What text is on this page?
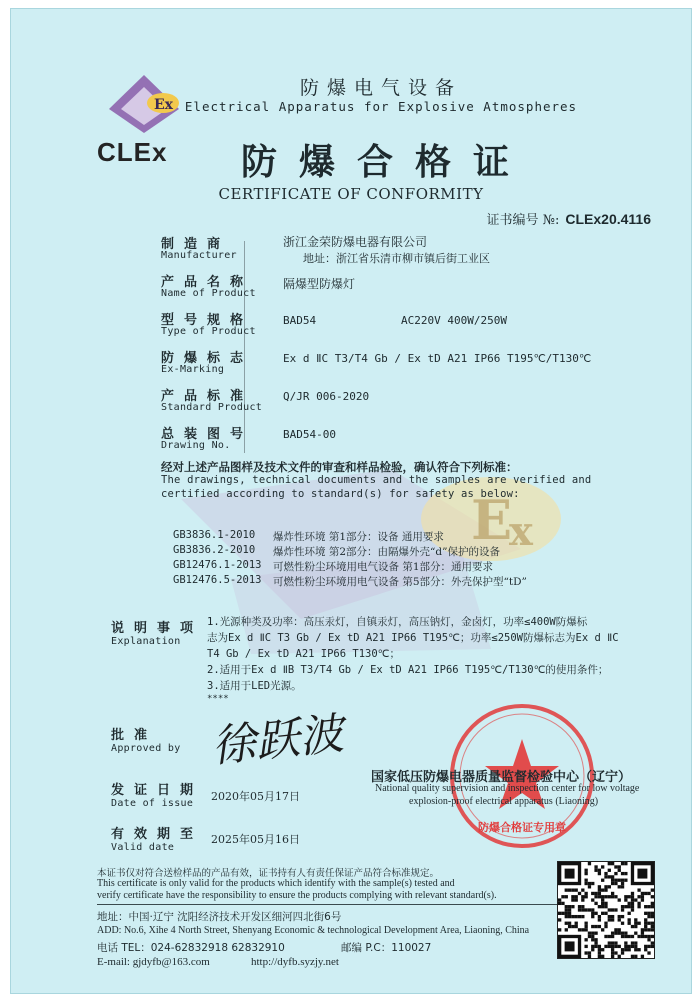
E
x
Ex
CLEx
防爆电气设备
Electrical Apparatus for Explosive Atmospheres
防爆合格证
CERTIFICATE OF CONFORMITY
证书编号 №: CLEx20.4116
制造商
Manufacturer
浙江金荣防爆电器有限公司
地址：浙江省乐清市柳市镇后街工业区
产品名称
Name of Product
隔爆型防爆灯
型号规格
Type of Product
BAD54	AC220V 400W/250W
防爆标志
Ex-Marking
Ex d ⅡC T3/T4 Gb / Ex tD A21 IP66 T195℃/T130℃
产品标准
Standard Product
Q/JR 006-2020
总装图号
Drawing No.
BAD54-00
经对上述产品图样及技术文件的审查和样品检验，确认符合下列标准：
The drawings, technical documents and the samples are verified and
certified according to standard(s) for safety as below:
GB3836.1-2010 爆炸性环境 第1部分：设备 通用要求
GB3836.2-2010 爆炸性环境 第2部分：由隔爆外壳“d”保护的设备
GB12476.1-2013 可燃性粉尘环境用电气设备 第1部分：通用要求
GB12476.5-2013 可燃性粉尘环境用电气设备 第5部分：外壳保护型“tD”
说明事项
Explanation
1.光源种类及功率：高压汞灯，自镇汞灯，高压钠灯，金卤灯，功率≤400W防爆标
志为Ex d ⅡC T3 Gb / Ex tD A21 IP66 T195℃；功率≤250W防爆标志为Ex d ⅡC
T4 Gb / Ex tD A21 IP66 T130℃；
2.适用于Ex d ⅡB T3/T4 Gb / Ex tD A21 IP66 T195℃/T130℃的使用条件；
3.适用于LED光源。
****
批准
Approved by 徐跃波
防爆合格证专用章
国家低压防爆电器质量监督检验中心（辽宁）
National quality supervision and inspection center for low voltage
explosion-proof electrical apparatus (Liaoning)
发证日期
Date of issue
2020年05月17日
有效期至
Valid date
2025年05月16日
本证书仅对符合送检样品的产品有效，证书持有人有责任保证产品符合标准规定。
This certificate is only valid for the products which identify with the sample(s) tested and
verify certificate have the responsibility to ensure the products complying with relevant standard(s).
地址：中国·辽宁 沈阳经济技术开发区细河四北街6号
ADD: No.6, Xihe 4 North Street, Shenyang Economic & technological Development Area, Liaoning, China
电话 TEL：024-62832918 62832910	邮编 P.C：110027
E-mail: gjdyfb@163.com	http://dyfb.syzjy.net
